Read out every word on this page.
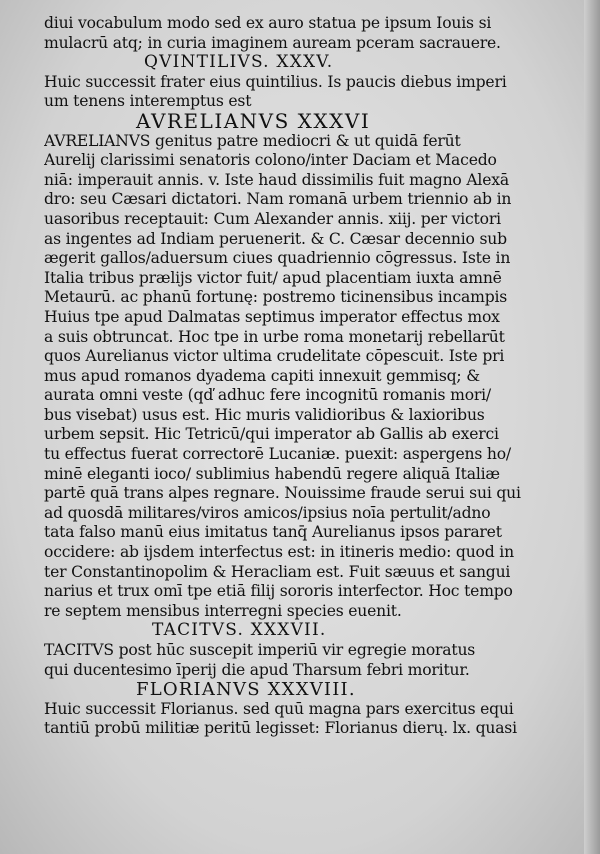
diui vocabulum modo sed ex auro statua pe ipsum Iouis si
mulacrū atq; in curia imaginem auream pceram sacrauere.
QVINTILIVS. XXXV.
Huic successit frater eius quintilius. Is paucis diebus imperi
um tenens interemptus est
AVRELIANVS XXXVI
AVRELIANVS genitus patre mediocri & ut quidā ferūt
Aurelij clarissimi senatoris colono/inter Daciam et Macedo
niā: imperauit annis. v. Iste haud dissimilis fuit magno Alexā
dro: seu Cæsari dictatori. Nam romanā urbem triennio ab in
uasoribus receptauit: Cum Alexander annis. xiij. per victori
as ingentes ad Indiam peruenerit. & C. Cæsar decennio sub
ægerit gallos/aduersum ciues quadriennio cōgressus. Iste in
Italia tribus prælijs victor fuit/ apud placentiam iuxta amnē
Metaurū. ac phanū fortunę: postremo ticinensibus incampis
Huius tpe apud Dalmatas septimus imperator effectus mox
a suis obtruncat. Hoc tpe in urbe roma monetarij rebellarūt
quos Aurelianus victor ultima crudelitate cōpescuit. Iste pri
mus apud romanos dyadema capiti innexuit gemmisq; &
aurata omni veste (qď adhuc fere incognitū romanis mori/
bus visebat) usus est. Hic muris validioribus & laxioribus
urbem sepsit. Hic Tetricū/qui imperator ab Gallis ab exerci
tu effectus fuerat correctorē Lucaniæ. puexit: aspergens ho/
minē eleganti ioco/ sublimius habendū regere aliquā Italiæ
partē quā trans alpes regnare. Nouissime fraude serui sui qui
ad quosdā militares/viros amicos/ipsius noīa pertulit/adno
tata falso manū eius imitatus tanq̄ Aurelianus ipsos pararet
occidere: ab ijsdem interfectus est: in itineris medio: quod in
ter Constantinopolim & Heracliam est. Fuit sæuus et sangui
narius et trux omī tpe etiā filij sororis interfector. Hoc tempo
re septem mensibus interregni species euenit.
TACITVS. XXXVII.
TACITVS post hūc suscepit imperiū vir egregie moratus
qui ducentesimo īperij die apud Tharsum febri moritur.
FLORIANVS XXXVIII.
Huic successit Florianus. sed quū magna pars exercitus equi
tantiū probū militiæ peritū legisset: Florianus dierų. lx. quasi
